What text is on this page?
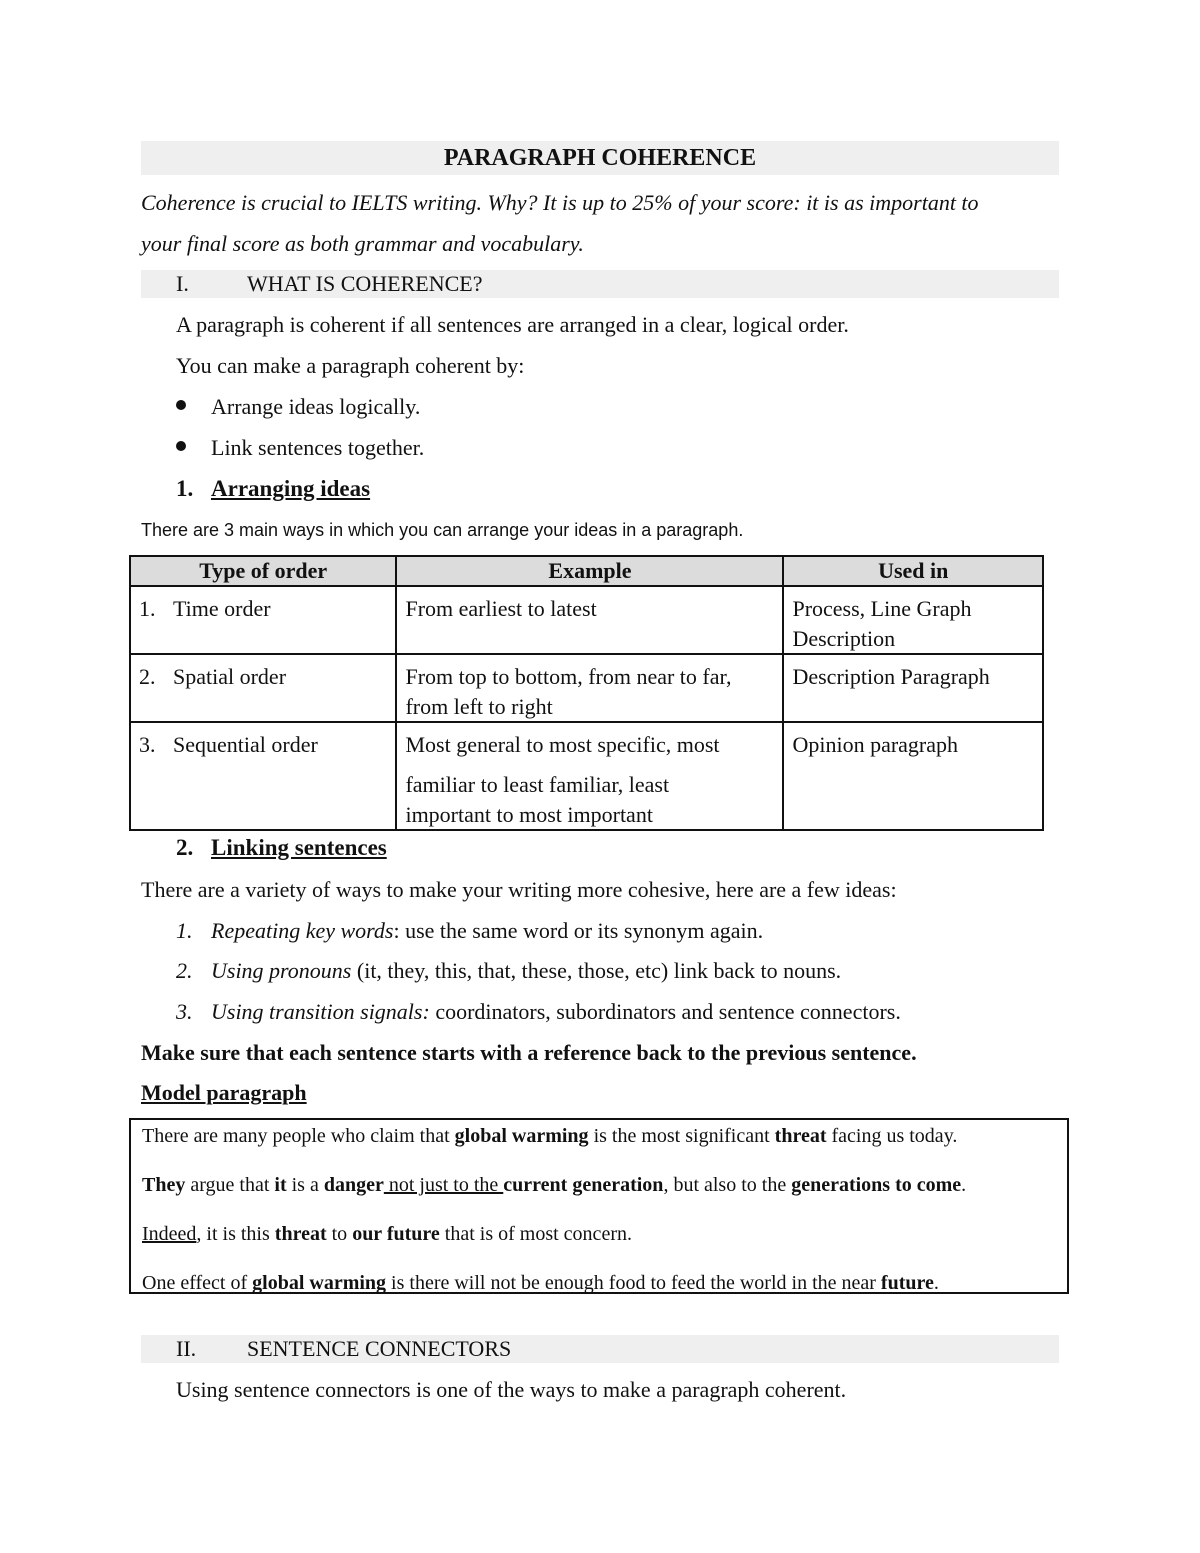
PARAGRAPH COHERENCE
Coherence is crucial to IELTS writing. Why? It is up to 25% of your score: it is as important to
your final score as both grammar and vocabulary.
I.	WHAT IS COHERENCE?
A paragraph is coherent if all sentences are arranged in a clear, logical order.
You can make a paragraph coherent by:
Arrange ideas logically.
Link sentences together.
1. Arranging ideas
There are 3 main ways in which you can arrange your ideas in a paragraph.
Type of order	Example	Used in
1. Time order	From earliest to latest	Process, Line Graph
Description

2. Spatial order	From top to bottom, from near to far,
from left to right	Description Paragraph

3. Sequential order	Most general to most specific, most
familiar to least familiar, least
important to most important	Opinion paragraph
2. Linking sentences
There are a variety of ways to make your writing more cohesive, here are a few ideas:
1. Repeating key words: use the same word or its synonym again.
2. Using pronouns (it, they, this, that, these, those, etc) link back to nouns.
3. Using transition signals: coordinators, subordinators and sentence connectors.
Make sure that each sentence starts with a reference back to the previous sentence.
Model paragraph
There are many people who claim that global warming is the most significant threat facing us today.
They argue that it is a danger not just to the current generation, but also to the generations to come.
Indeed, it is this threat to our future that is of most concern.
One effect of global warming is there will not be enough food to feed the world in the near future.
II. SENTENCE CONNECTORS
Using sentence connectors is one of the ways to make a paragraph coherent.
